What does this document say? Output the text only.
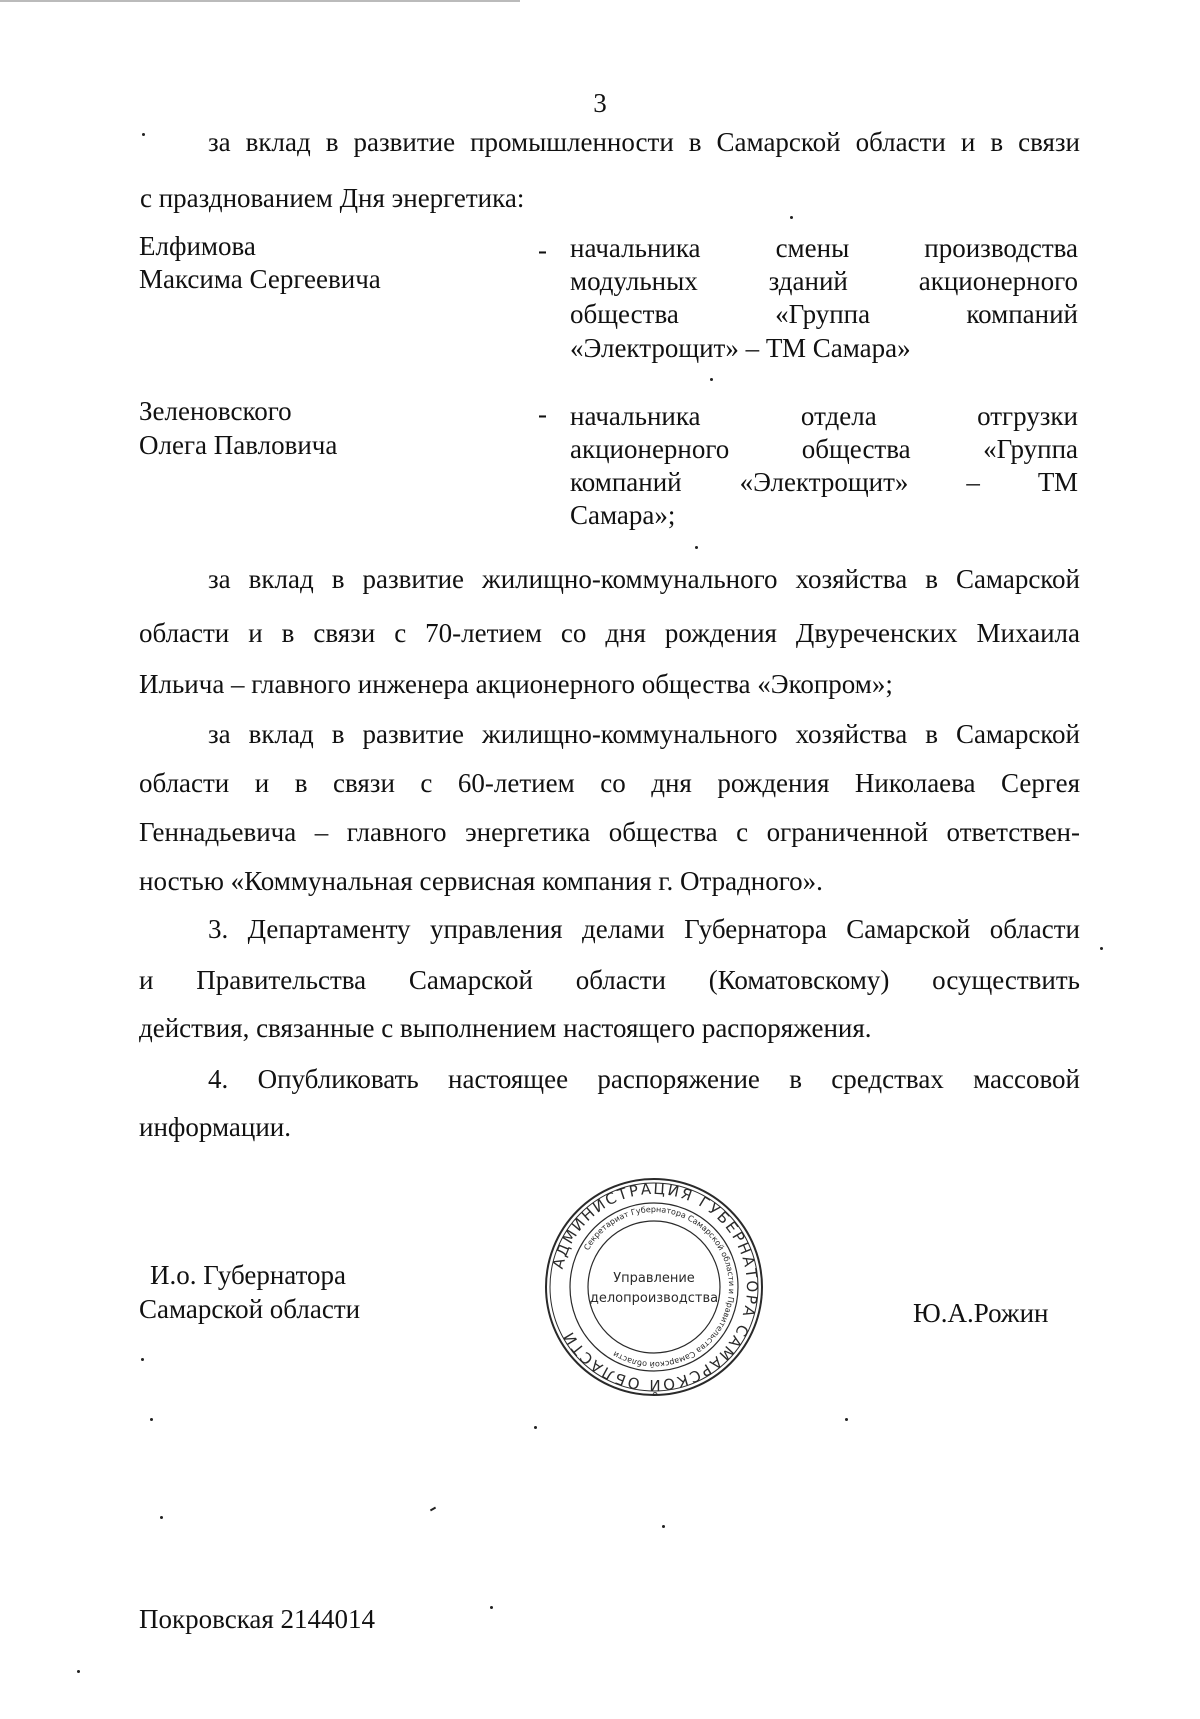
3
за вклад в развитие промышленности в Самарской области и в связи
с празднованием Дня энергетика:
Елфимова
Максима Сергеевича
- начальника	смены	производства
модульных	зданий	акционерного
общества	«Группа	компаний
«Электрощит» – ТМ Самара»
Зеленовского
Олега Павловича
- начальника	отдела	отгрузки
акционерного	общества	«Группа
компаний «Электрощит» – ТМ
Самара»;
за вклад в развитие жилищно-коммунального хозяйства в Самарской
области и в связи с 70-летием со дня рождения Двуреченских Михаила
Ильича – главного инженера акционерного общества «Экопром»;
за вклад в развитие жилищно-коммунального хозяйства в Самарской
области и в связи с 60-летием со дня рождения Николаева Сергея
Геннадьевича – главного энергетика общества с ограниченной ответствен-
ностью «Коммунальная сервисная компания г. Отрадного».
3. Департаменту управления делами Губернатора Самарской области
и Правительства Самарской области (Коматовскому) осуществить
действия, связанные с выполнением настоящего распоряжения.
4. Опубликовать настоящее распоряжение в средствах массовой
информации.
И.о. Губернатора
Самарской области	Ю.А.Рожин
АДМИНИСТРАЦИЯ ГУБЕРНАТОРА САМАРСКОЙ ОБЛАСТИ
Секретариат Губернатора Самарской области и Правительства Самарской области
Управление
делопроизводства
Покровская 2144014
